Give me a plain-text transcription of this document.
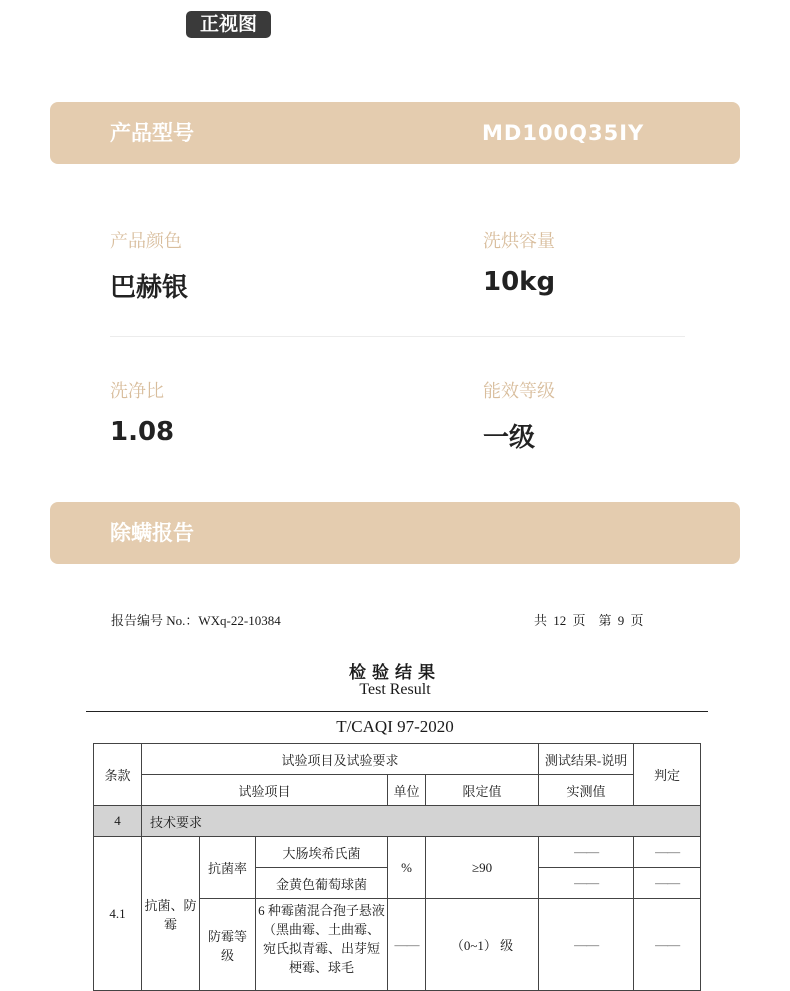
正视图
产品型号	MD100Q35IY
产品颜色
巴赫银
洗烘容量
10kg
洗净比
1.08
能效等级
一级
除螨报告
报告编号 No.：WXq-22-10384	共 12 页　第 9 页
检验结果
Test Result
T/CAQI 97-2020
条款	试验项目及试验要求					测试结果-说明	判定
	试验项目			单位	限定值	实测值	
4	技术要求						
4.1	抗菌、防霉	抗菌率	大肠埃希氏菌	%	≥90	——	——
			金黄色葡萄球菌			——	——
		防霉等级	6 种霉菌混合孢子悬液（黑曲霉、土曲霉、宛氏拟青霉、出芽短梗霉、球毛	——	（0~1） 级	——	——
